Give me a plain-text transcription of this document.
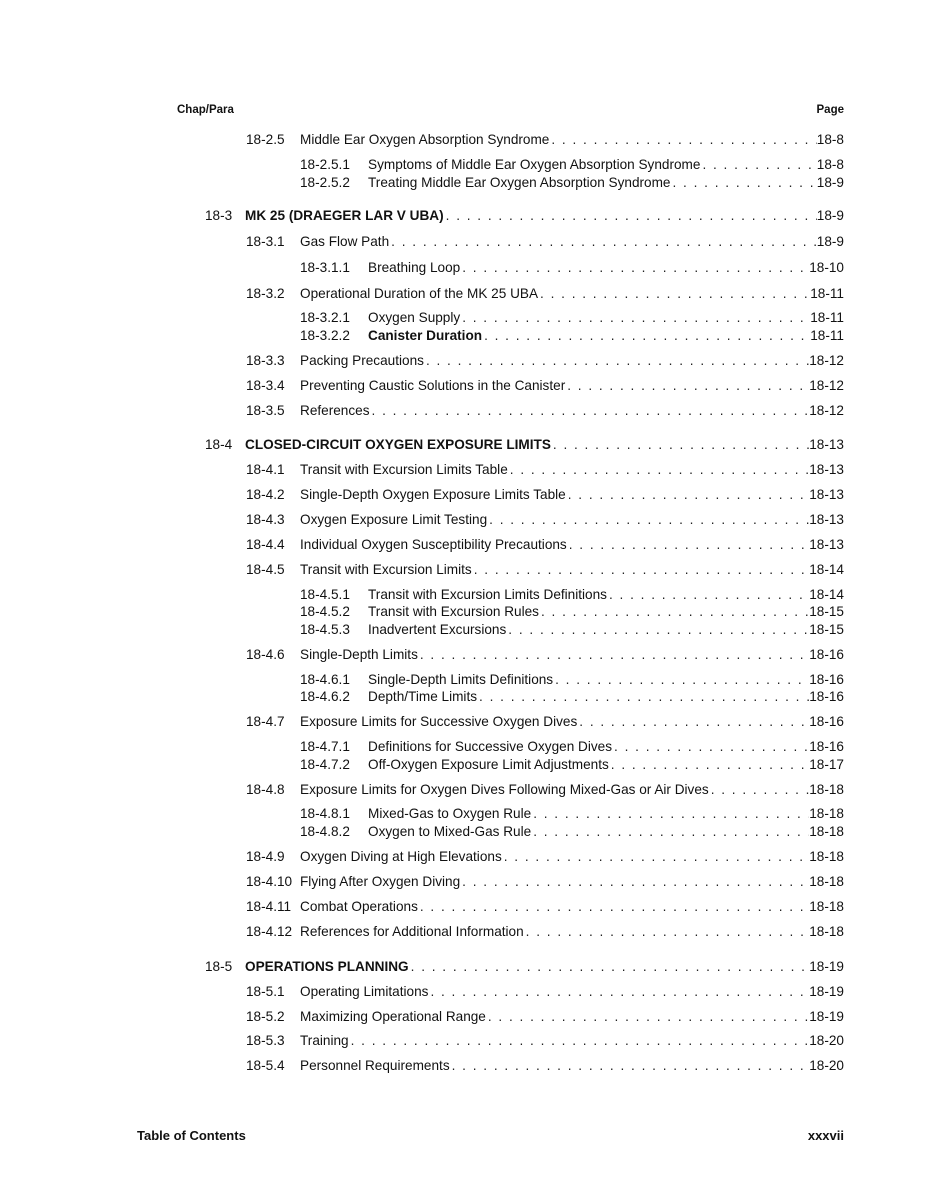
Chap/Para	Page
18-2.5	Middle Ear Oxygen Absorption Syndrome . . .	18-8
18-2.5.1	Symptoms of Middle Ear Oxygen Absorption Syndrome . . .	18-8
18-2.5.2	Treating Middle Ear Oxygen Absorption Syndrome . . .	18-9
18-3 MK 25 (DRAEGER LAR V UBA) . . .	18-9
18-3.1	Gas Flow Path . . .	18-9
18-3.1.1	Breathing Loop . . .	18-10
18-3.2	Operational Duration of the MK 25 UBA . . .	18-11
18-3.2.1	Oxygen Supply . . .	18-11
18-3.2.2	Canister Duration . . .	18-11
18-3.3	Packing Precautions . . .	18-12
18-3.4	Preventing Caustic Solutions in the Canister . . .	18-12
18-3.5	References . . .	18-12
18-4 CLOSED-CIRCUIT OXYGEN EXPOSURE LIMITS . . .	18-13
18-4.1	Transit with Excursion Limits Table . . .	18-13
18-4.2	Single-Depth Oxygen Exposure Limits Table . . .	18-13
18-4.3	Oxygen Exposure Limit Testing . . .	18-13
18-4.4	Individual Oxygen Susceptibility Precautions . . .	18-13
18-4.5	Transit with Excursion Limits . . .	18-14
18-4.5.1	Transit with Excursion Limits Definitions . . .	18-14
18-4.5.2	Transit with Excursion Rules . . .	18-15
18-4.5.3	Inadvertent Excursions . . .	18-15
18-4.6	Single-Depth Limits . . .	18-16
18-4.6.1	Single-Depth Limits Definitions . . .	18-16
18-4.6.2	Depth/Time Limits . . .	18-16
18-4.7	Exposure Limits for Successive Oxygen Dives . . .	18-16
18-4.7.1	Definitions for Successive Oxygen Dives . . .	18-16
18-4.7.2	Off-Oxygen Exposure Limit Adjustments . . .	18-17
18-4.8	Exposure Limits for Oxygen Dives Following Mixed-Gas or Air Dives . . .	18-18
18-4.8.1	Mixed-Gas to Oxygen Rule . . .	18-18
18-4.8.2	Oxygen to Mixed-Gas Rule . . .	18-18
18-4.9	Oxygen Diving at High Elevations . . .	18-18
18-4.10 Flying After Oxygen Diving . . .	18-18
18-4.11 Combat Operations . . .	18-18
18-4.12 References for Additional Information . . .	18-18
18-5 OPERATIONS PLANNING . . .	18-19
18-5.1	Operating Limitations . . .	18-19
18-5.2	Maximizing Operational Range . . .	18-19
18-5.3	Training . . .	18-20
18-5.4	Personnel Requirements . . .	18-20
Table of Contents	xxxvii
